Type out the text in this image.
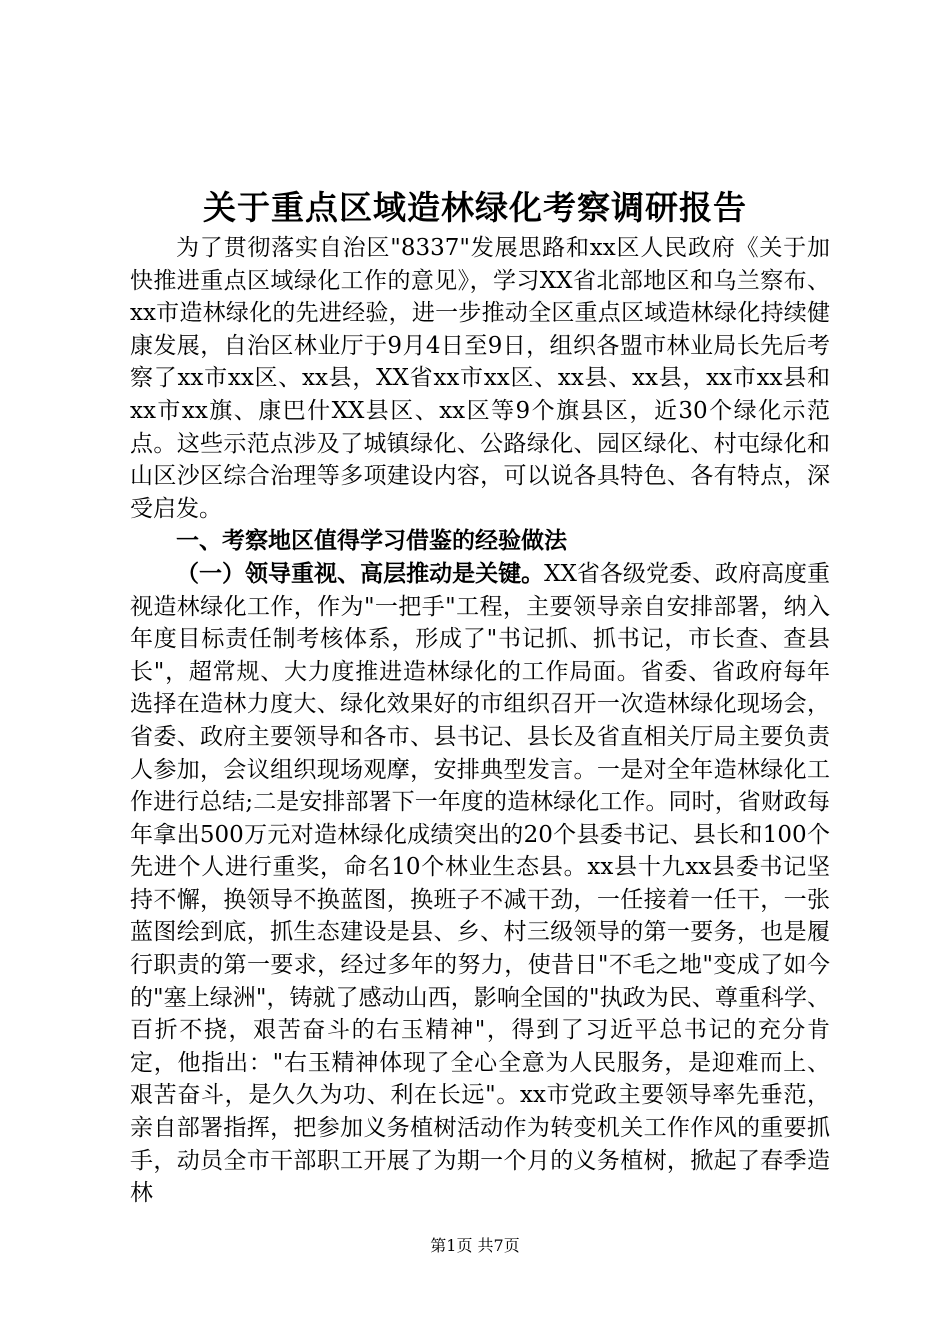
关于重点区域造林绿化考察调研报告

为了贯彻落实自治区"8337"发展思路和xx区人民政府《关于加快推进重点区域绿化工作的意见》，学习XX省北部地区和乌兰察布、xx市造林绿化的先进经验，进一步推动全区重点区域造林绿化持续健康发展，自治区林业厅于9月4日至9日，组织各盟市林业局长先后考察了xx市xx区、xx县，XX省xx市xx区、xx县、xx县，xx市xx县和xx市xx旗、康巴什XX县区、xx区等9个旗县区，近30个绿化示范点。这些示范点涉及了城镇绿化、公路绿化、园区绿化、村屯绿化和山区沙区综合治理等多项建设内容，可以说各具特色、各有特点，深受启发。

一、考察地区值得学习借鉴的经验做法

（一）领导重视、高层推动是关键。XX省各级党委、政府高度重视造林绿化工作，作为"一把手"工程，主要领导亲自安排部署，纳入年度目标责任制考核体系，形成了"书记抓、抓书记，市长查、查县长"，超常规、大力度推进造林绿化的工作局面。省委、省政府每年选择在造林力度大、绿化效果好的市组织召开一次造林绿化现场会，省委、政府主要领导和各市、县书记、县长及省直相关厅局主要负责人参加，会议组织现场观摩，安排典型发言。一是对全年造林绿化工作进行总结;二是安排部署下一年度的造林绿化工作。同时，省财政每年拿出500万元对造林绿化成绩突出的20个县委书记、县长和100个先进个人进行重奖，命名10个林业生态县。xx县十九xx县委书记坚持不懈，换领导不换蓝图，换班子不减干劲，一任接着一任干，一张蓝图绘到底，抓生态建设是县、乡、村三级领导的第一要务，也是履行职责的第一要求，经过多年的努力，使昔日"不毛之地"变成了如今的"塞上绿洲"，铸就了感动山西，影响全国的"执政为民、尊重科学、百折不挠，艰苦奋斗的右玉精神"，得到了习近平总书记的充分肯定，他指出："右玉精神体现了全心全意为人民服务，是迎难而上、艰苦奋斗，是久久为功、利在长远"。xx市党政主要领导率先垂范，亲自部署指挥，把参加义务植树活动作为转变机关工作作风的重要抓手，动员全市干部职工开展了为期一个月的义务植树，掀起了春季造林

第1页 共7页
